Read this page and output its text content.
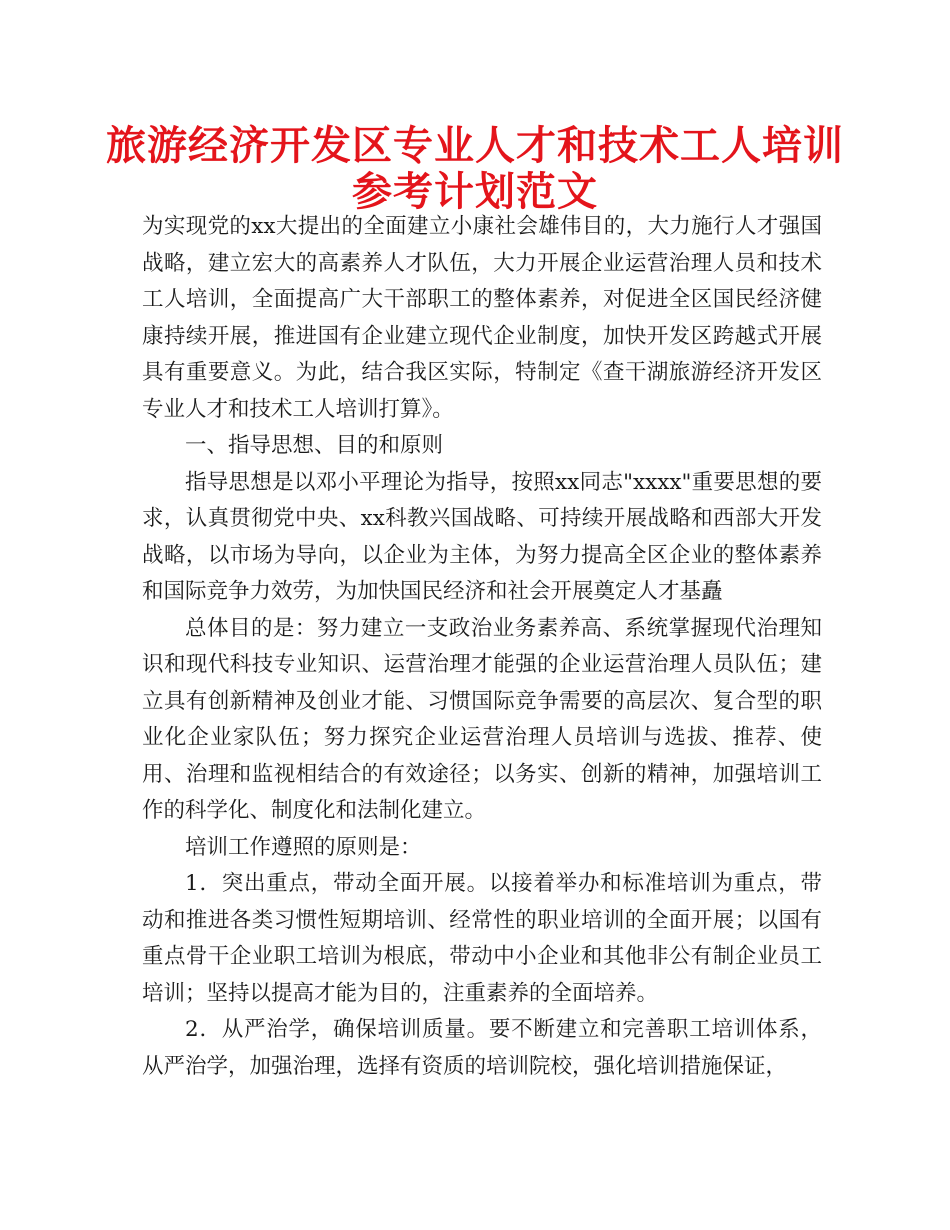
旅游经济开发区专业人才和技术工人培训
参考计划范文

为实现党的xx大提出的全面建立小康社会雄伟目的，大力施行人才强国战略，建立宏大的高素养人才队伍，大力开展企业运营治理人员和技术工人培训，全面提高广大干部职工的整体素养，对促进全区国民经济健康持续开展，推进国有企业建立现代企业制度，加快开发区跨越式开展具有重要意义。为此，结合我区实际，特制定《查干湖旅游经济开发区专业人才和技术工人培训打算》。

一、指导思想、目的和原则

指导思想是以邓小平理论为指导，按照xx同志"xxxx"重要思想的要求，认真贯彻党中央、xx科教兴国战略、可持续开展战略和西部大开发战略，以市场为导向，以企业为主体，为努力提高全区企业的整体素养和国际竞争力效劳，为加快国民经济和社会开展奠定人才基矗

总体目的是：努力建立一支政治业务素养高、系统掌握现代治理知识和现代科技专业知识、运营治理才能强的企业运营治理人员队伍；建立具有创新精神及创业才能、习惯国际竞争需要的高层次、复合型的职业化企业家队伍；努力探究企业运营治理人员培训与选拔、推荐、使用、治理和监视相结合的有效途径；以务实、创新的精神，加强培训工作的科学化、制度化和法制化建立。

培训工作遵照的原则是：

1．突出重点，带动全面开展。以接着举办和标准培训为重点，带动和推进各类习惯性短期培训、经常性的职业培训的全面开展；以国有重点骨干企业职工培训为根底，带动中小企业和其他非公有制企业员工培训；坚持以提高才能为目的，注重素养的全面培养。

2．从严治学，确保培训质量。要不断建立和完善职工培训体系，从严治学，加强治理，选择有资质的培训院校，强化培训措施保证，
